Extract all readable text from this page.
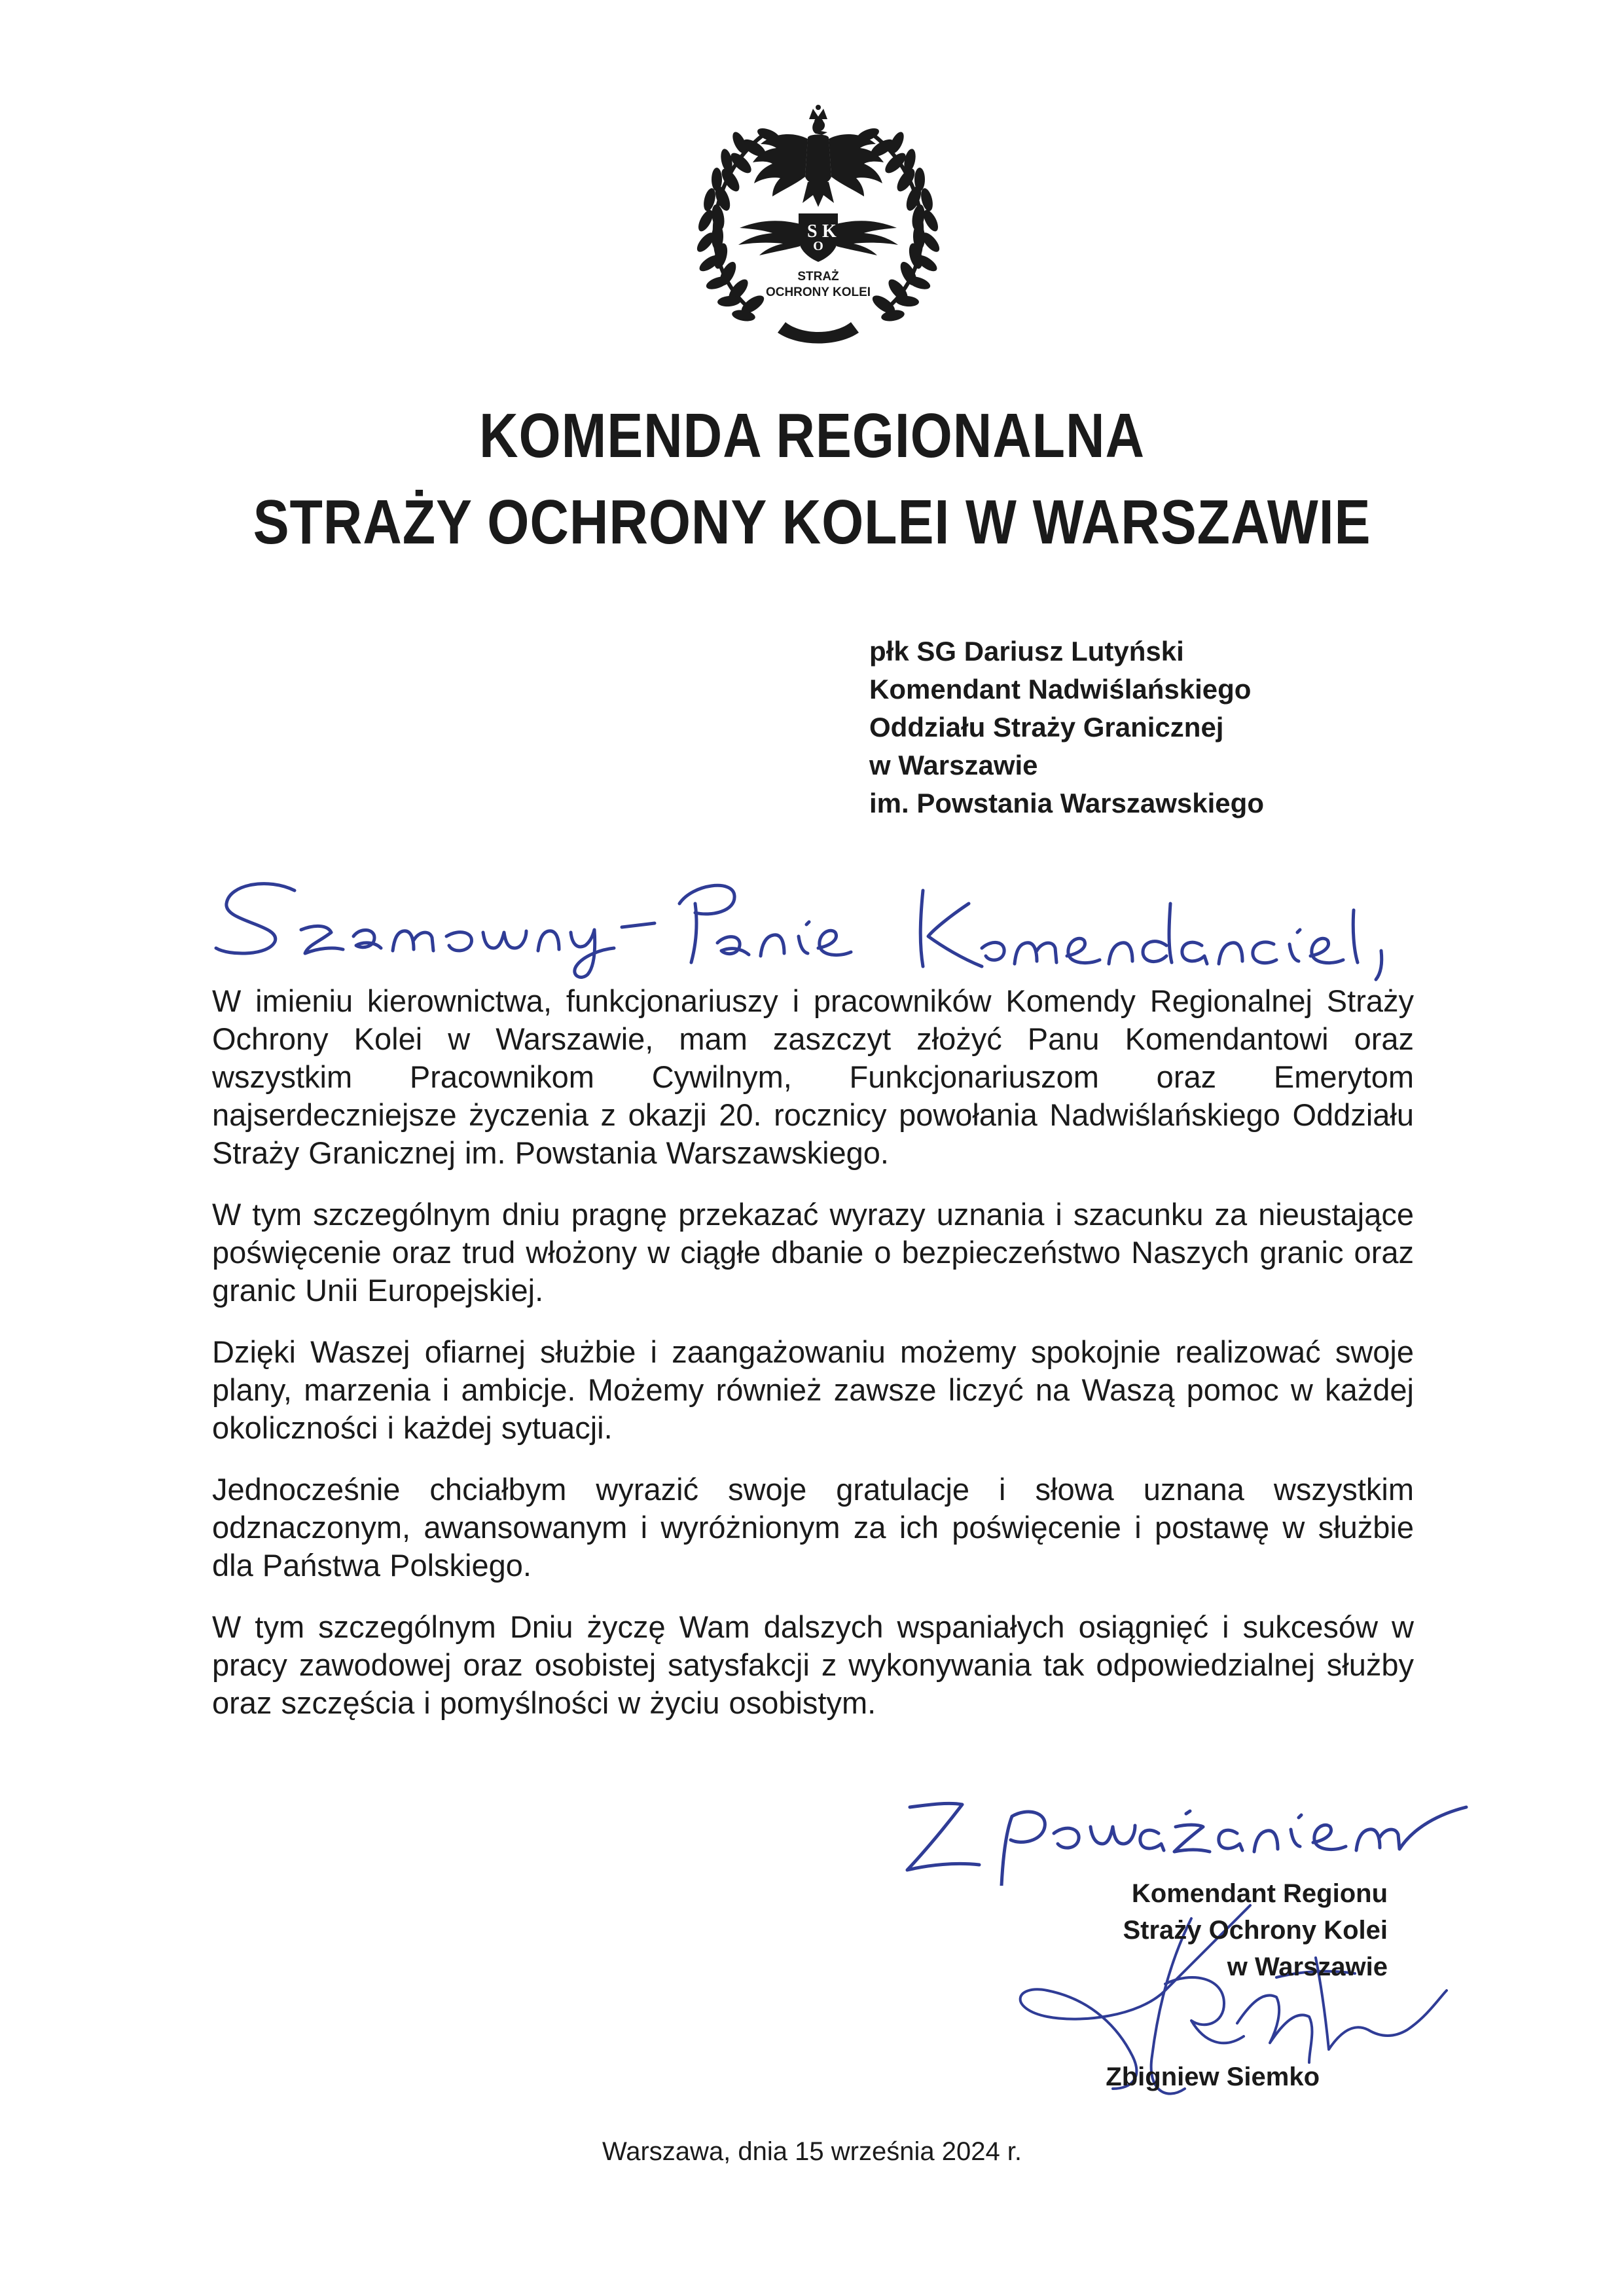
S
O
K
STRAŻ
OCHRONY KOLEI
KOMENDA REGIONALNA
STRAŻY OCHRONY KOLEI W WARSZAWIE
płk SG Dariusz Lutyński
Komendant Nadwiślańskiego
Oddziału Straży Granicznej
w Warszawie
im. Powstania Warszawskiego

W imieniu kierownictwa, funkcjonariuszy i pracowników Komendy Regionalnej Straży Ochrony Kolei w Warszawie, mam zaszczyt złożyć Panu Komendantowi oraz wszystkim Pracownikom Cywilnym, Funkcjonariuszom oraz Emerytom najserdeczniejsze życzenia z okazji 20. rocznicy powołania Nadwiślańskiego Oddziału Straży Granicznej im. Powstania Warszawskiego.

W tym szczególnym dniu pragnę przekazać wyrazy uznania i szacunku za nieustające poświęcenie oraz trud włożony w ciągłe dbanie o bezpieczeństwo Naszych granic oraz granic Unii Europejskiej.

Dzięki Waszej ofiarnej służbie i zaangażowaniu możemy spokojnie realizować swoje plany, marzenia i ambicje. Możemy również zawsze liczyć na Waszą pomoc w każdej okoliczności i każdej sytuacji.

Jednocześnie chciałbym wyrazić swoje gratulacje i słowa uznana wszystkim odznaczonym, awansowanym i wyróżnionym za ich poświęcenie i postawę w służbie dla Państwa Polskiego.

W tym szczególnym Dniu życzę Wam dalszych wspaniałych osiągnięć i sukcesów w pracy zawodowej oraz osobistej satysfakcji z wykonywania tak odpowiedzialnej służby oraz szczęścia i pomyślności w życiu osobistym.

Komendant Regionu
Straży Ochrony Kolei
w Warszawie
Zbigniew Siemko
Warszawa, dnia 15 września 2024 r.
